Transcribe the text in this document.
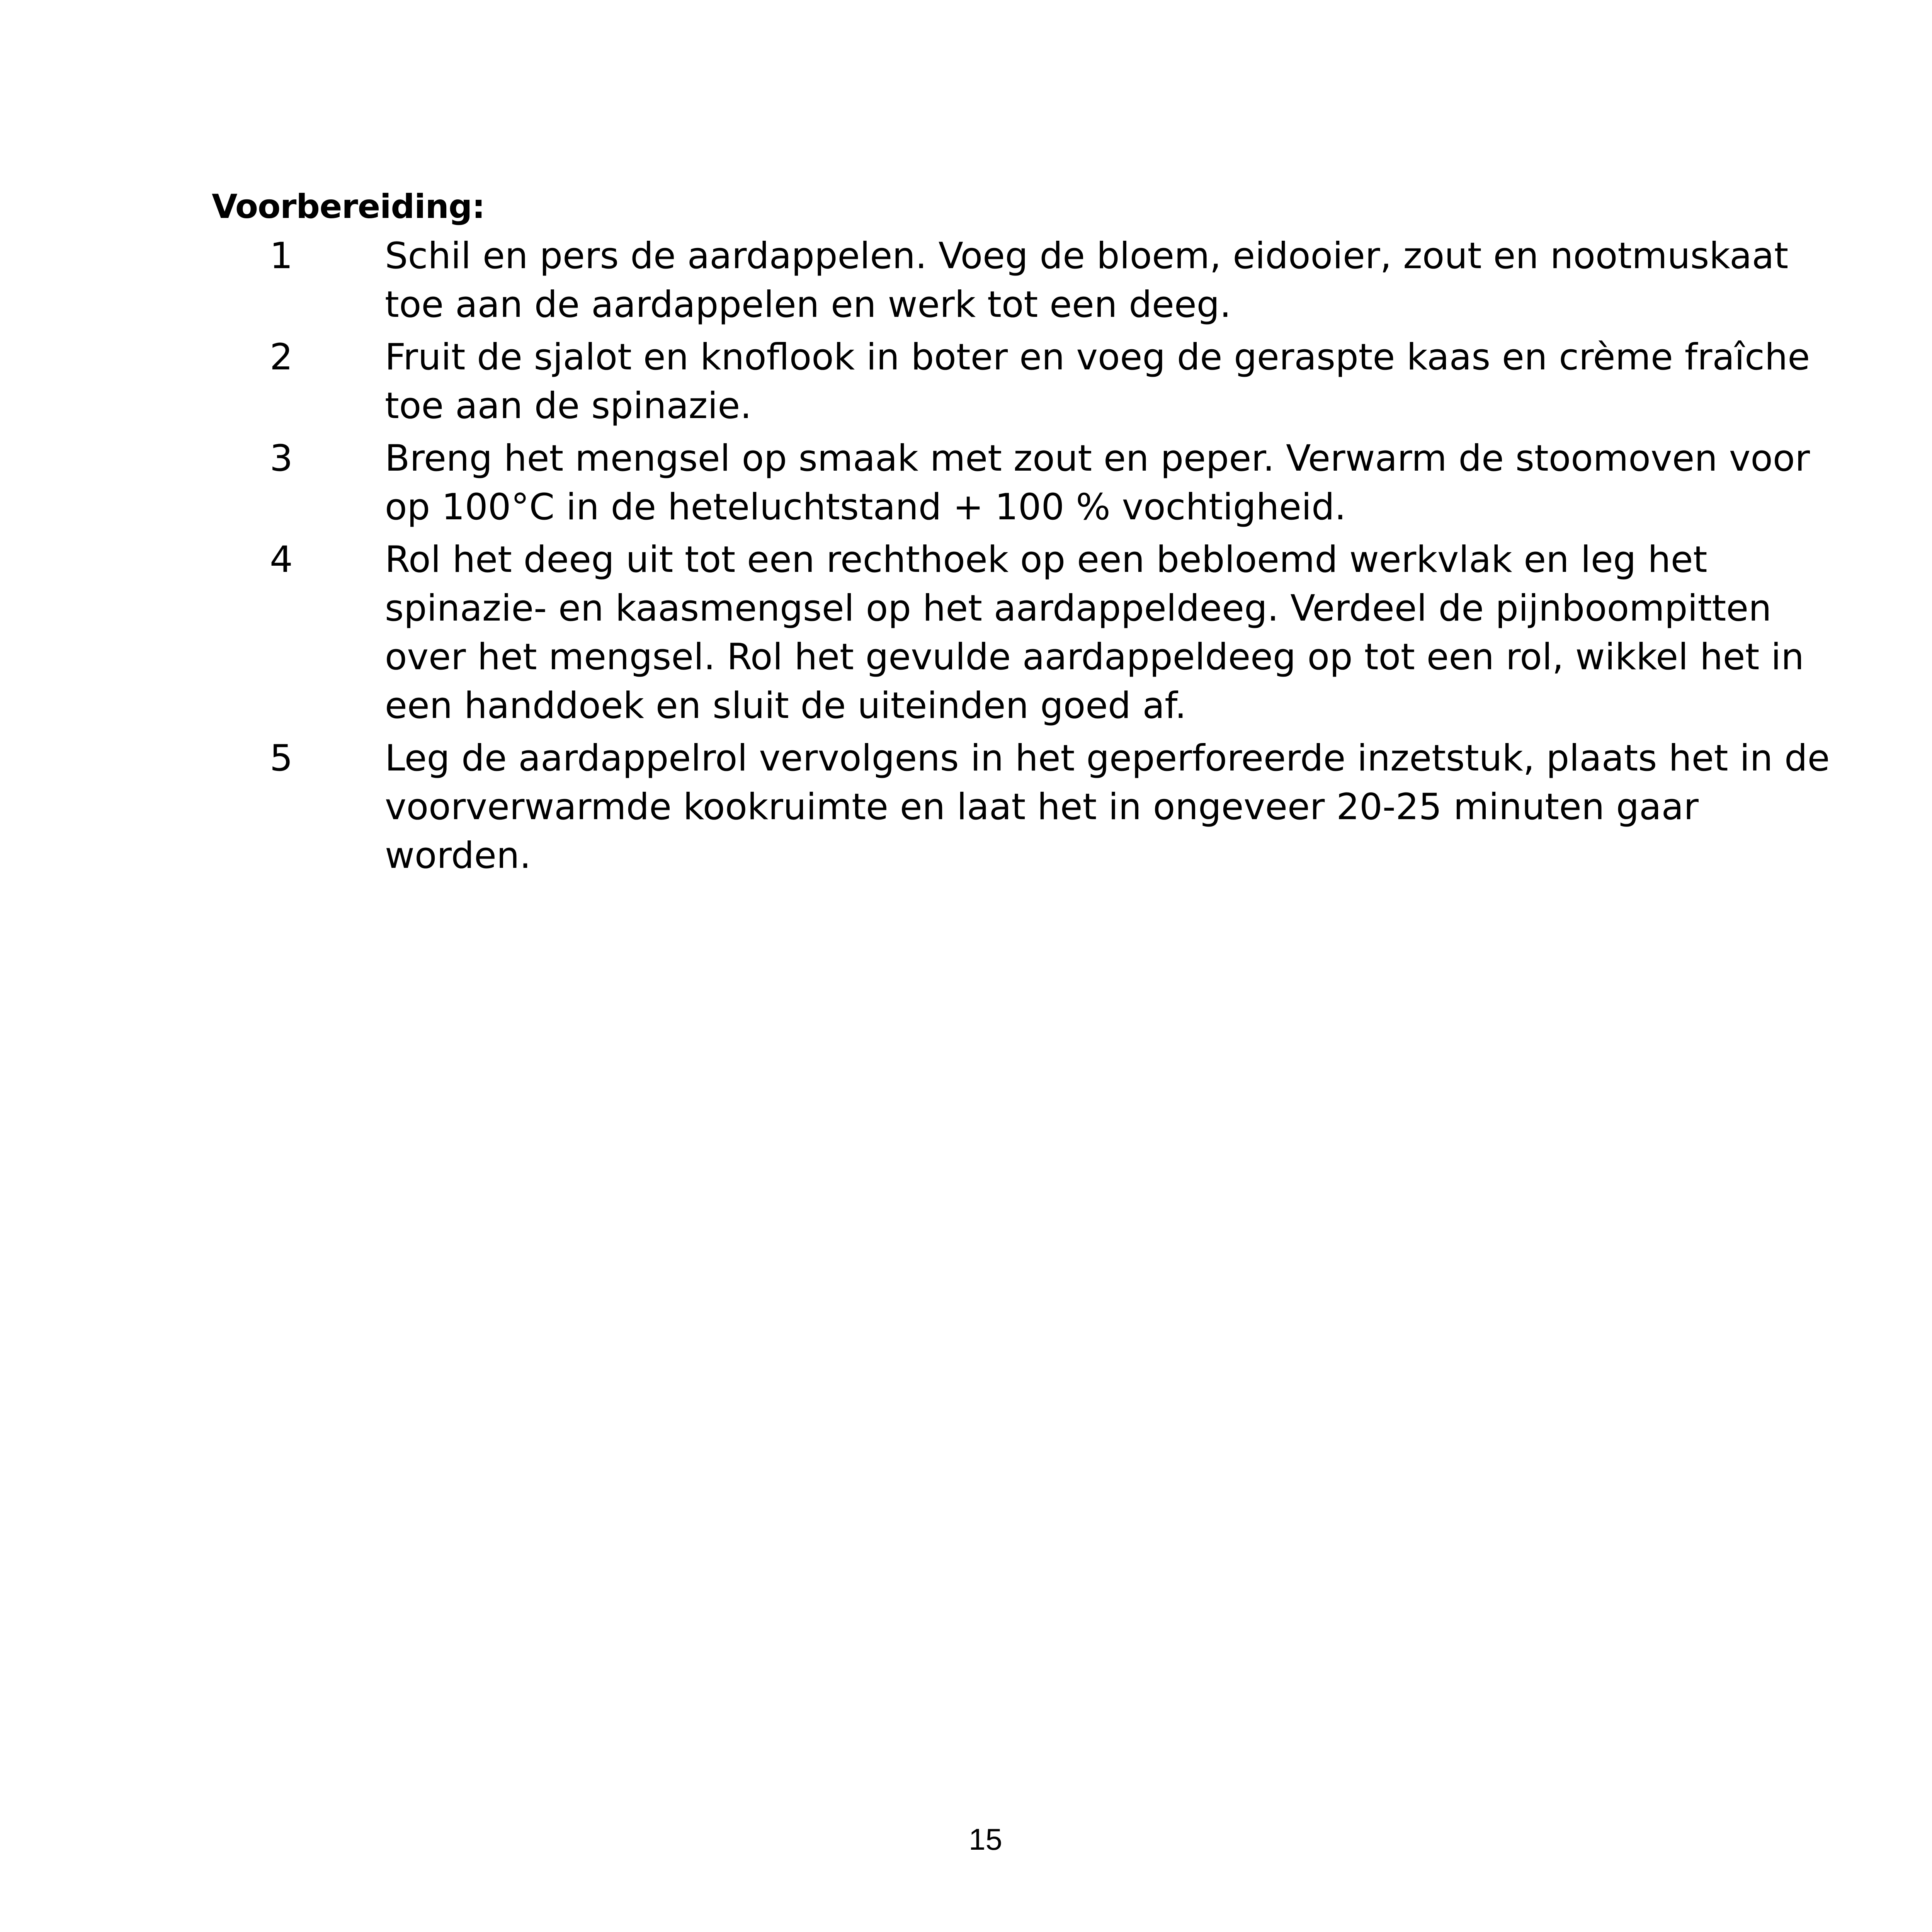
Voorbereiding:
1	Schil en pers de aardappelen. Voeg de bloem, eidooier, zout en nootmuskaat toe aan de aardappelen en werk tot een deeg.
2	Fruit de sjalot en knoflook in boter en voeg de geraspte kaas en crème fraîche toe aan de spinazie.
3	Breng het mengsel op smaak met zout en peper. Verwarm de stoomoven voor op 100°C in de heteluchtstand + 100 % vochtigheid.
4	Rol het deeg uit tot een rechthoek op een bebloemd werkvlak en leg het spinazie- en kaasmengsel op het aardappeldeeg. Verdeel de pijnboompitten over het mengsel. Rol het gevulde aardappeldeeg op tot een rol, wikkel het in een handdoek en sluit de uiteinden goed af.
5	Leg de aardappelrol vervolgens in het geperforeerde inzetstuk, plaats het in de voorverwarmde kookruimte en laat het in ongeveer 20-25 minuten gaar worden.
15
